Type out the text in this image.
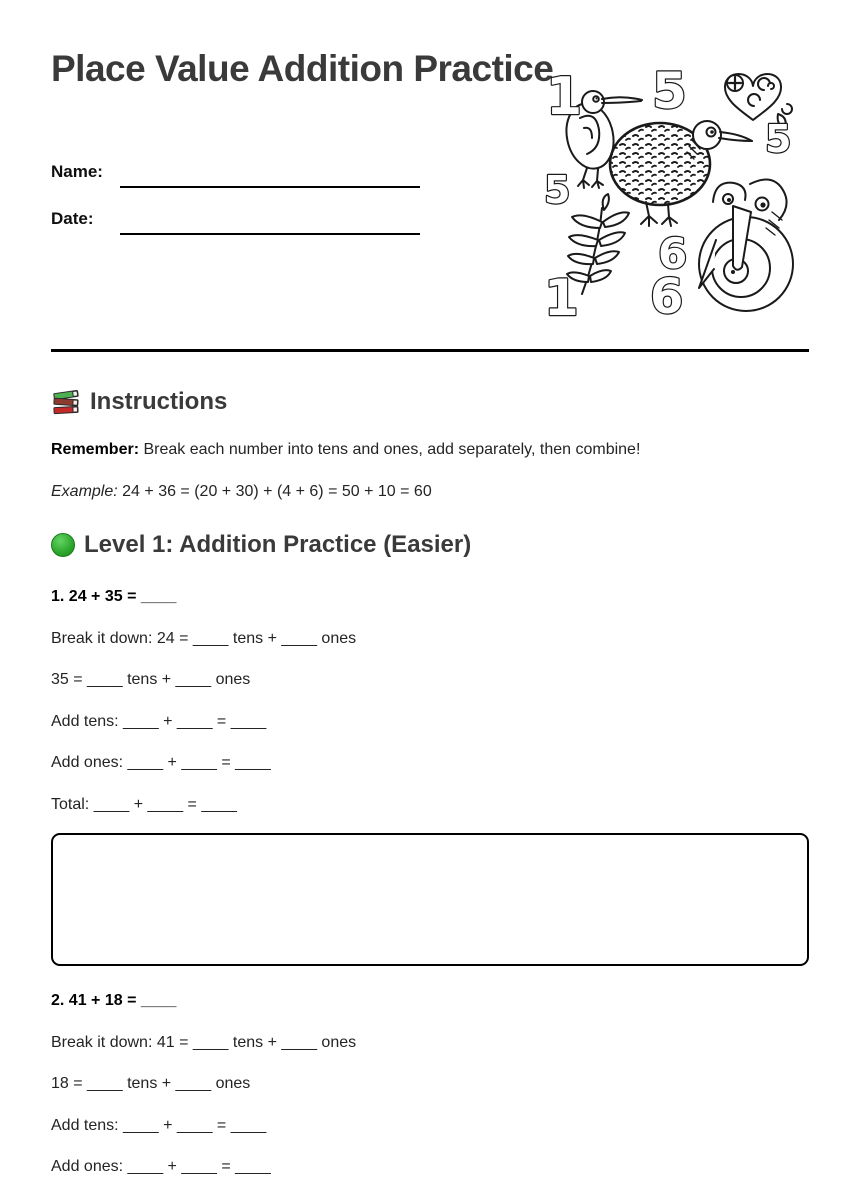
Place Value Addition Practice
Name:
Date:
1 5
5
5
1
6
6
Instructions

Remember: Break each number into tens and ones, add separately, then combine!

Example: 24 + 36 = (20 + 30) + (4 + 6) = 50 + 10 = 60

Level 1: Addition Practice (Easier)

1. 24 + 35 = ____

Break it down: 24 = ____ tens + ____ ones

35 = ____ tens + ____ ones

Add tens: ____ + ____ = ____

Add ones: ____ + ____ = ____

Total: ____ + ____ = ____

2. 41 + 18 = ____

Break it down: 41 = ____ tens + ____ ones

18 = ____ tens + ____ ones

Add tens: ____ + ____ = ____

Add ones: ____ + ____ = ____
